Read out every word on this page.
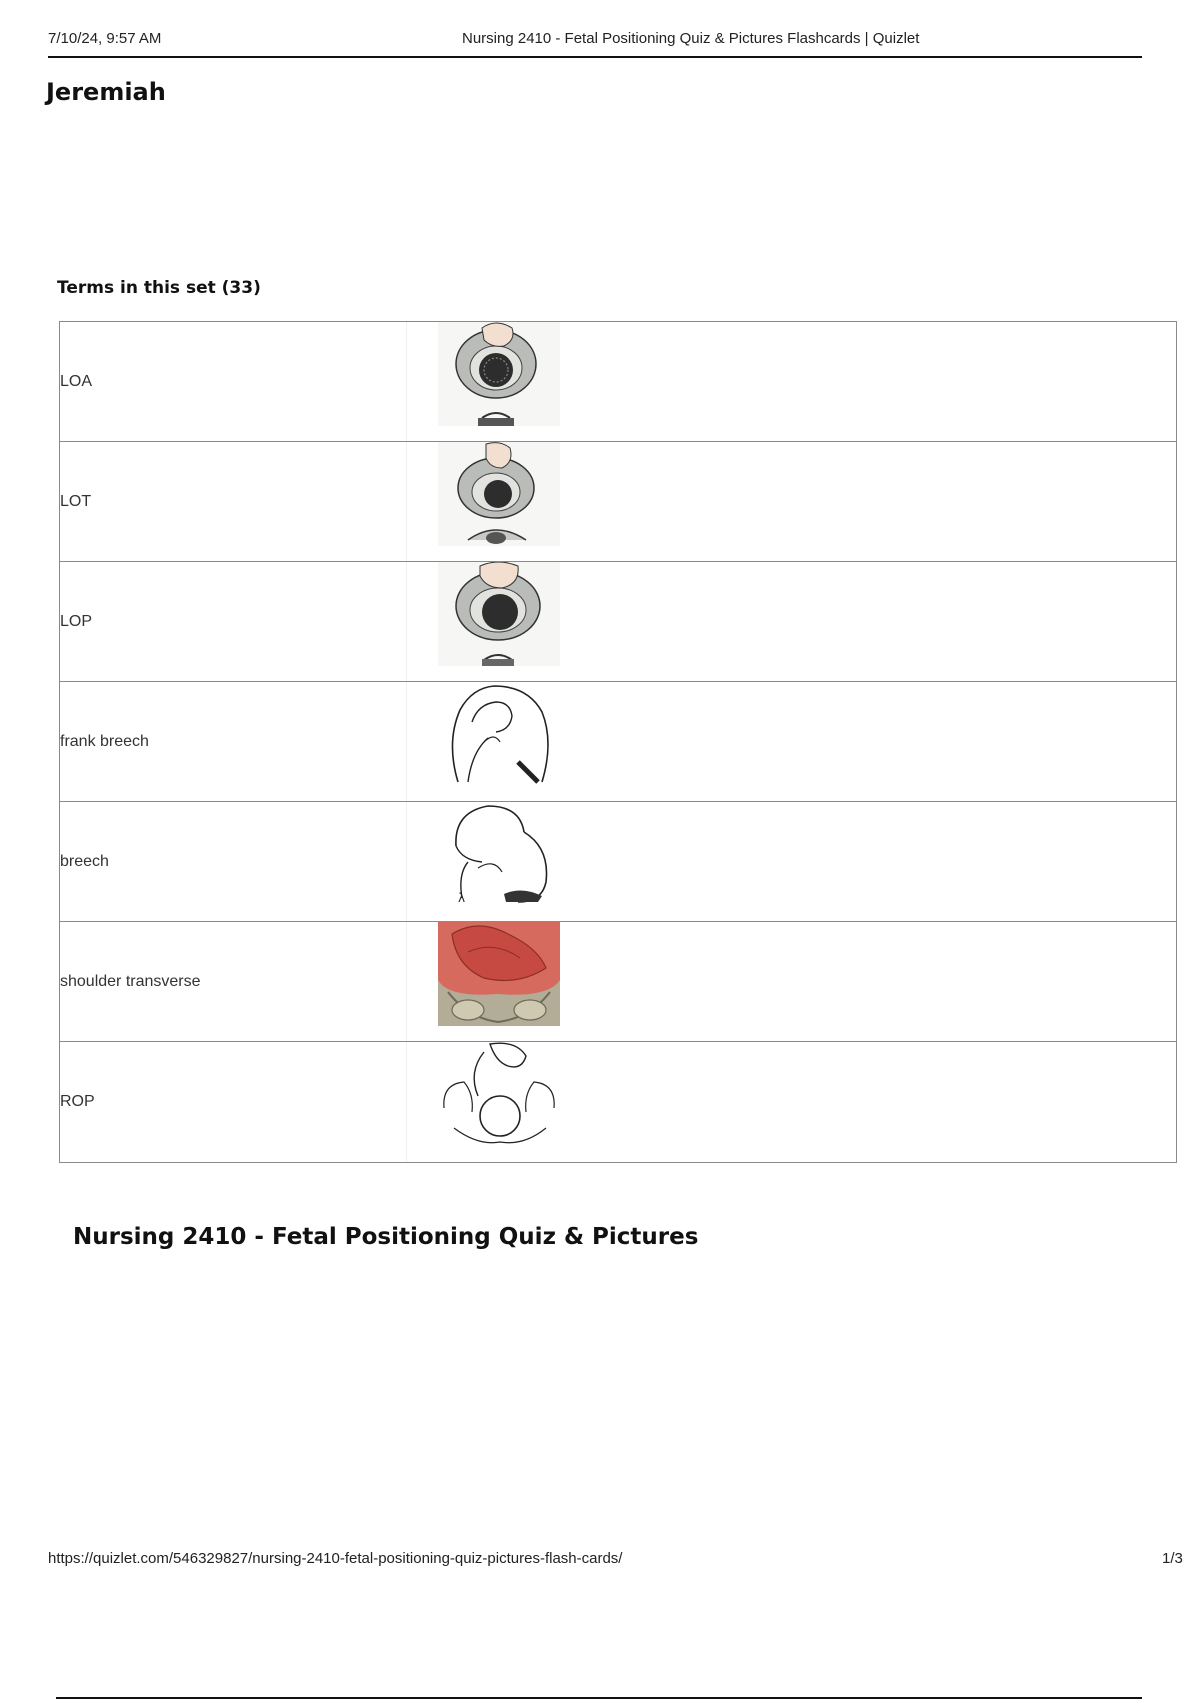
7/10/24, 9:57 AM	Nursing 2410 - Fetal Positioning Quiz & Pictures Flashcards | Quizlet
Jeremiah
Terms in this set (33)
LOA
LOT
LOP
frank breech
breech
λ
shoulder transverse
ROP
Nursing 2410 - Fetal Positioning Quiz & Pictures
https://quizlet.com/546329827/nursing-2410-fetal-positioning-quiz-pictures-flash-cards/	1/3
